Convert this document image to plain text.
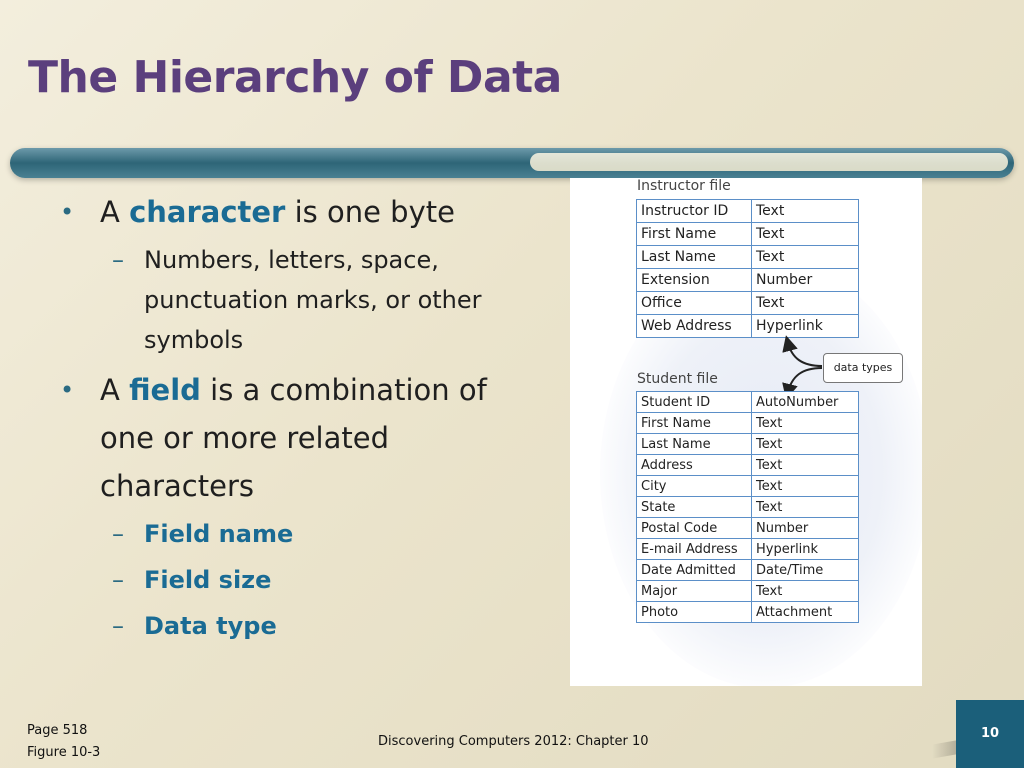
The Hierarchy of Data
• A character is one byte
– Numbers, letters, space, punctuation marks, or other symbols
• A field is a combination of one or more related characters
– Field name
– Field size
– Data type
Instructor file
Instructor ID	Text
First Name	Text
Last Name	Text
Extension	Number
Office	Text
Web Address	Hyperlink
data types
Student file
Student ID	AutoNumber
First Name	Text
Last Name	Text
Address	Text
City	Text
State	Text
Postal Code	Number
E-mail Address	Hyperlink
Date Admitted	Date/Time
Major	Text
Photo	Attachment
Page 518
Figure 10-3
Discovering Computers 2012: Chapter 10
10
